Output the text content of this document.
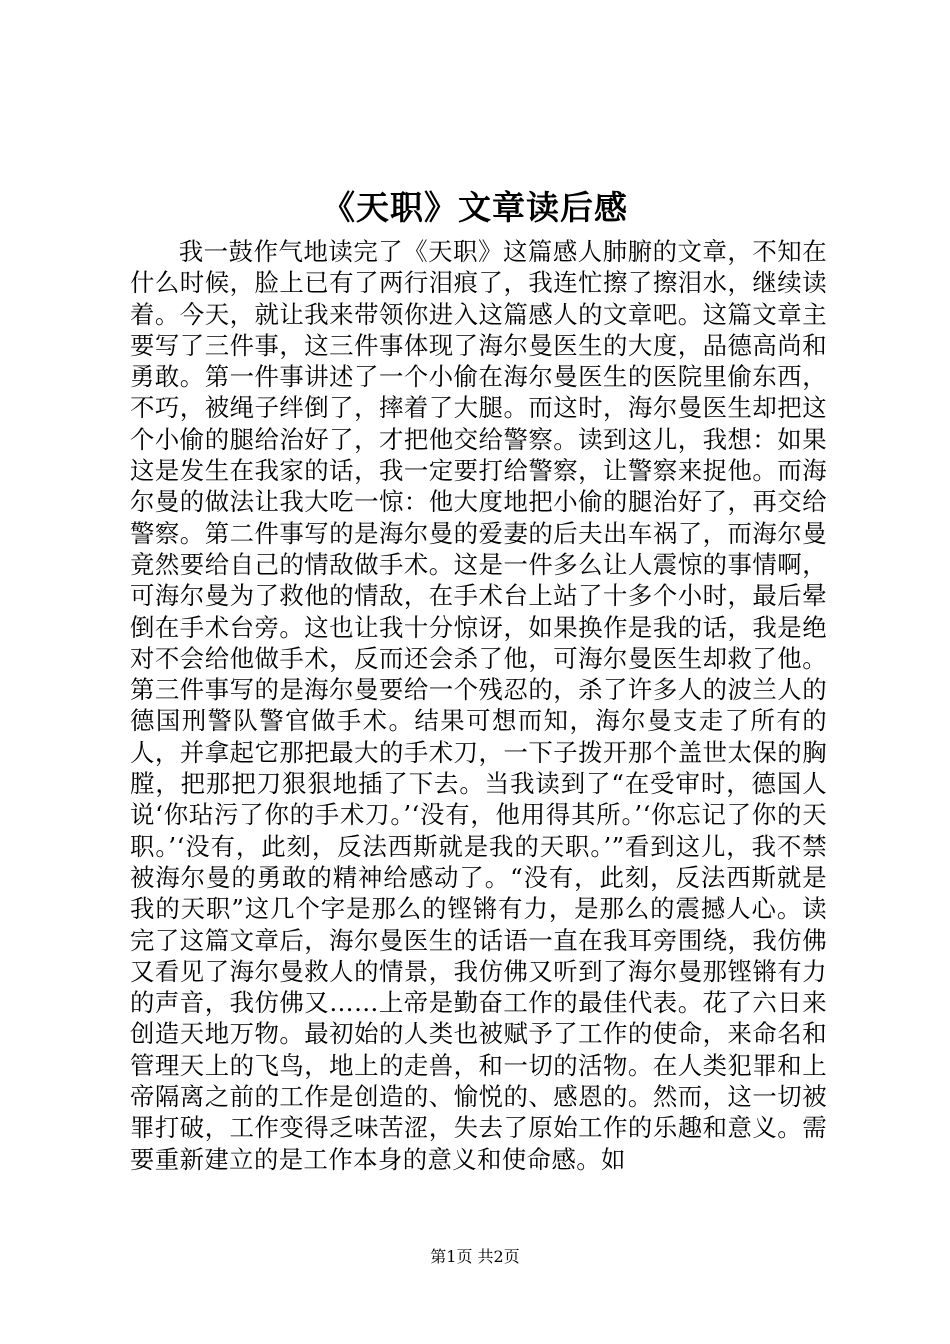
《天职》文章读后感

我一鼓作气地读完了《天职》这篇感人肺腑的文章，不知在什么时候，脸上已有了两行泪痕了，我连忙擦了擦泪水，继续读着。今天，就让我来带领你进入这篇感人的文章吧。这篇文章主要写了三件事，这三件事体现了海尔曼医生的大度，品德高尚和勇敢。第一件事讲述了一个小偷在海尔曼医生的医院里偷东西，不巧，被绳子绊倒了，摔着了大腿。而这时，海尔曼医生却把这个小偷的腿给治好了，才把他交给警察。读到这儿，我想：如果这是发生在我家的话，我一定要打给警察，让警察来捉他。而海尔曼的做法让我大吃一惊：他大度地把小偷的腿治好了，再交给警察。第二件事写的是海尔曼的爱妻的后夫出车祸了，而海尔曼竟然要给自己的情敌做手术。这是一件多么让人震惊的事情啊，可海尔曼为了救他的情敌，在手术台上站了十多个小时，最后晕倒在手术台旁。这也让我十分惊讶，如果换作是我的话，我是绝对不会给他做手术，反而还会杀了他，可海尔曼医生却救了他。第三件事写的是海尔曼要给一个残忍的，杀了许多人的波兰人的德国刑警队警官做手术。结果可想而知，海尔曼支走了所有的人，并拿起它那把最大的手术刀，一下子拨开那个盖世太保的胸膛，把那把刀狠狠地插了下去。当我读到了“在受审时，德国人说‘你玷污了你的手术刀。’‘没有，他用得其所。’‘你忘记了你的天职。’‘没有，此刻，反法西斯就是我的天职。’”看到这儿，我不禁被海尔曼的勇敢的精神给感动了。“没有，此刻，反法西斯就是我的天职”这几个字是那么的铿锵有力，是那么的震撼人心。读完了这篇文章后，海尔曼医生的话语一直在我耳旁围绕，我仿佛又看见了海尔曼救人的情景，我仿佛又听到了海尔曼那铿锵有力的声音，我仿佛又……上帝是勤奋工作的最佳代表。花了六日来创造天地万物。最初始的人类也被赋予了工作的使命，来命名和管理天上的飞鸟，地上的走兽，和一切的活物。在人类犯罪和上帝隔离之前的工作是创造的、愉悦的、感恩的。然而，这一切被罪打破，工作变得乏味苦涩，失去了原始工作的乐趣和意义。需要重新建立的是工作本身的意义和使命感。如

第1页 共2页
